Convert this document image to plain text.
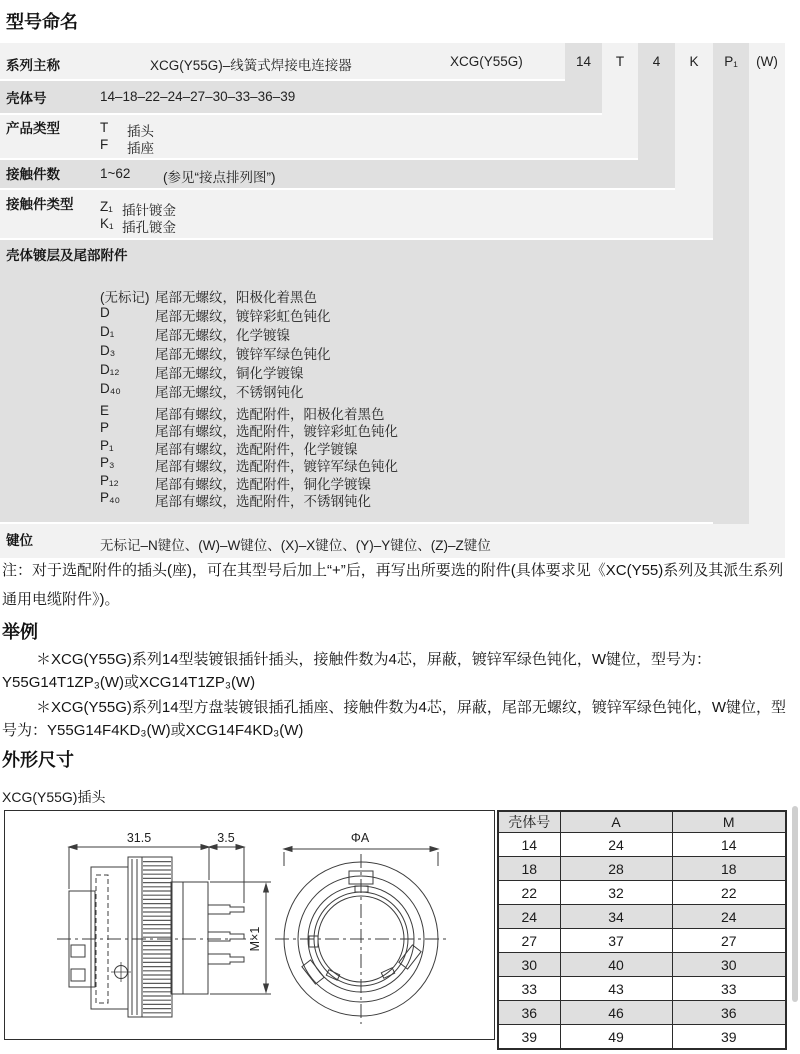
型号命名
系列主称	XCG(Y55G)–线簧式焊接电连接器	XCG(Y55G)	14	T	4	K	P₁	(W)
壳体号	14–18–22–24–27–30–33–36–39
产品类型	T	插头
F	插座
接触件数	1~62 (参见“接点排列图”)
接触件类型 Z₁ 插针镀金
K₁ 插孔镀金
壳体镀层及尾部附件
(无标记) 尾部无螺纹，阳极化着黑色
D	尾部无螺纹，镀锌彩虹色钝化
D₁	尾部无螺纹，化学镀镍
D₃	尾部无螺纹，镀锌军绿色钝化
D₁₂	尾部无螺纹，铜化学镀镍
D₄₀	尾部无螺纹，不锈钢钝化
E	尾部有螺纹，选配附件，阳极化着黑色
P	尾部有螺纹，选配附件，镀锌彩虹色钝化
P₁	尾部有螺纹，选配附件，化学镀镍
P₃	尾部有螺纹，选配附件，镀锌军绿色钝化
P₁₂	尾部有螺纹，选配附件，铜化学镀镍
P₄₀	尾部有螺纹，选配附件，不锈钢钝化
键位	无标记–N键位、(W)–W键位、(X)–X键位、(Y)–Y键位、(Z)–Z键位
注：对于选配附件的插头(座)，可在其型号后加上“+”后，再写出所要选的附件(具体要求见《XC(Y55)系列及其派生系列通用电缆附件》)。
举例
＊XCG(Y55G)系列14型装镀银插针插头，接触件数为4芯，屏蔽，镀锌军绿色钝化，W键位，型号为：Y55G14T1ZP₃(W)或XCG14T1ZP₃(W)
＊XCG(Y55G)系列14型方盘装镀银插孔插座、接触件数为4芯，屏蔽，尾部无螺纹，镀锌军绿色钝化，W键位，型号为：Y55G14F4KD₃(W)或XCG14F4KD₃(W)
外形尺寸
XCG(Y55G)插头
31.5	3.5
M×1
ΦA
壳体号	A	M
14	24	14
18	28	18
22	32	22
24	34	24
27	37	27
30	40	30
33	43	33
36	46	36
39	49	39
